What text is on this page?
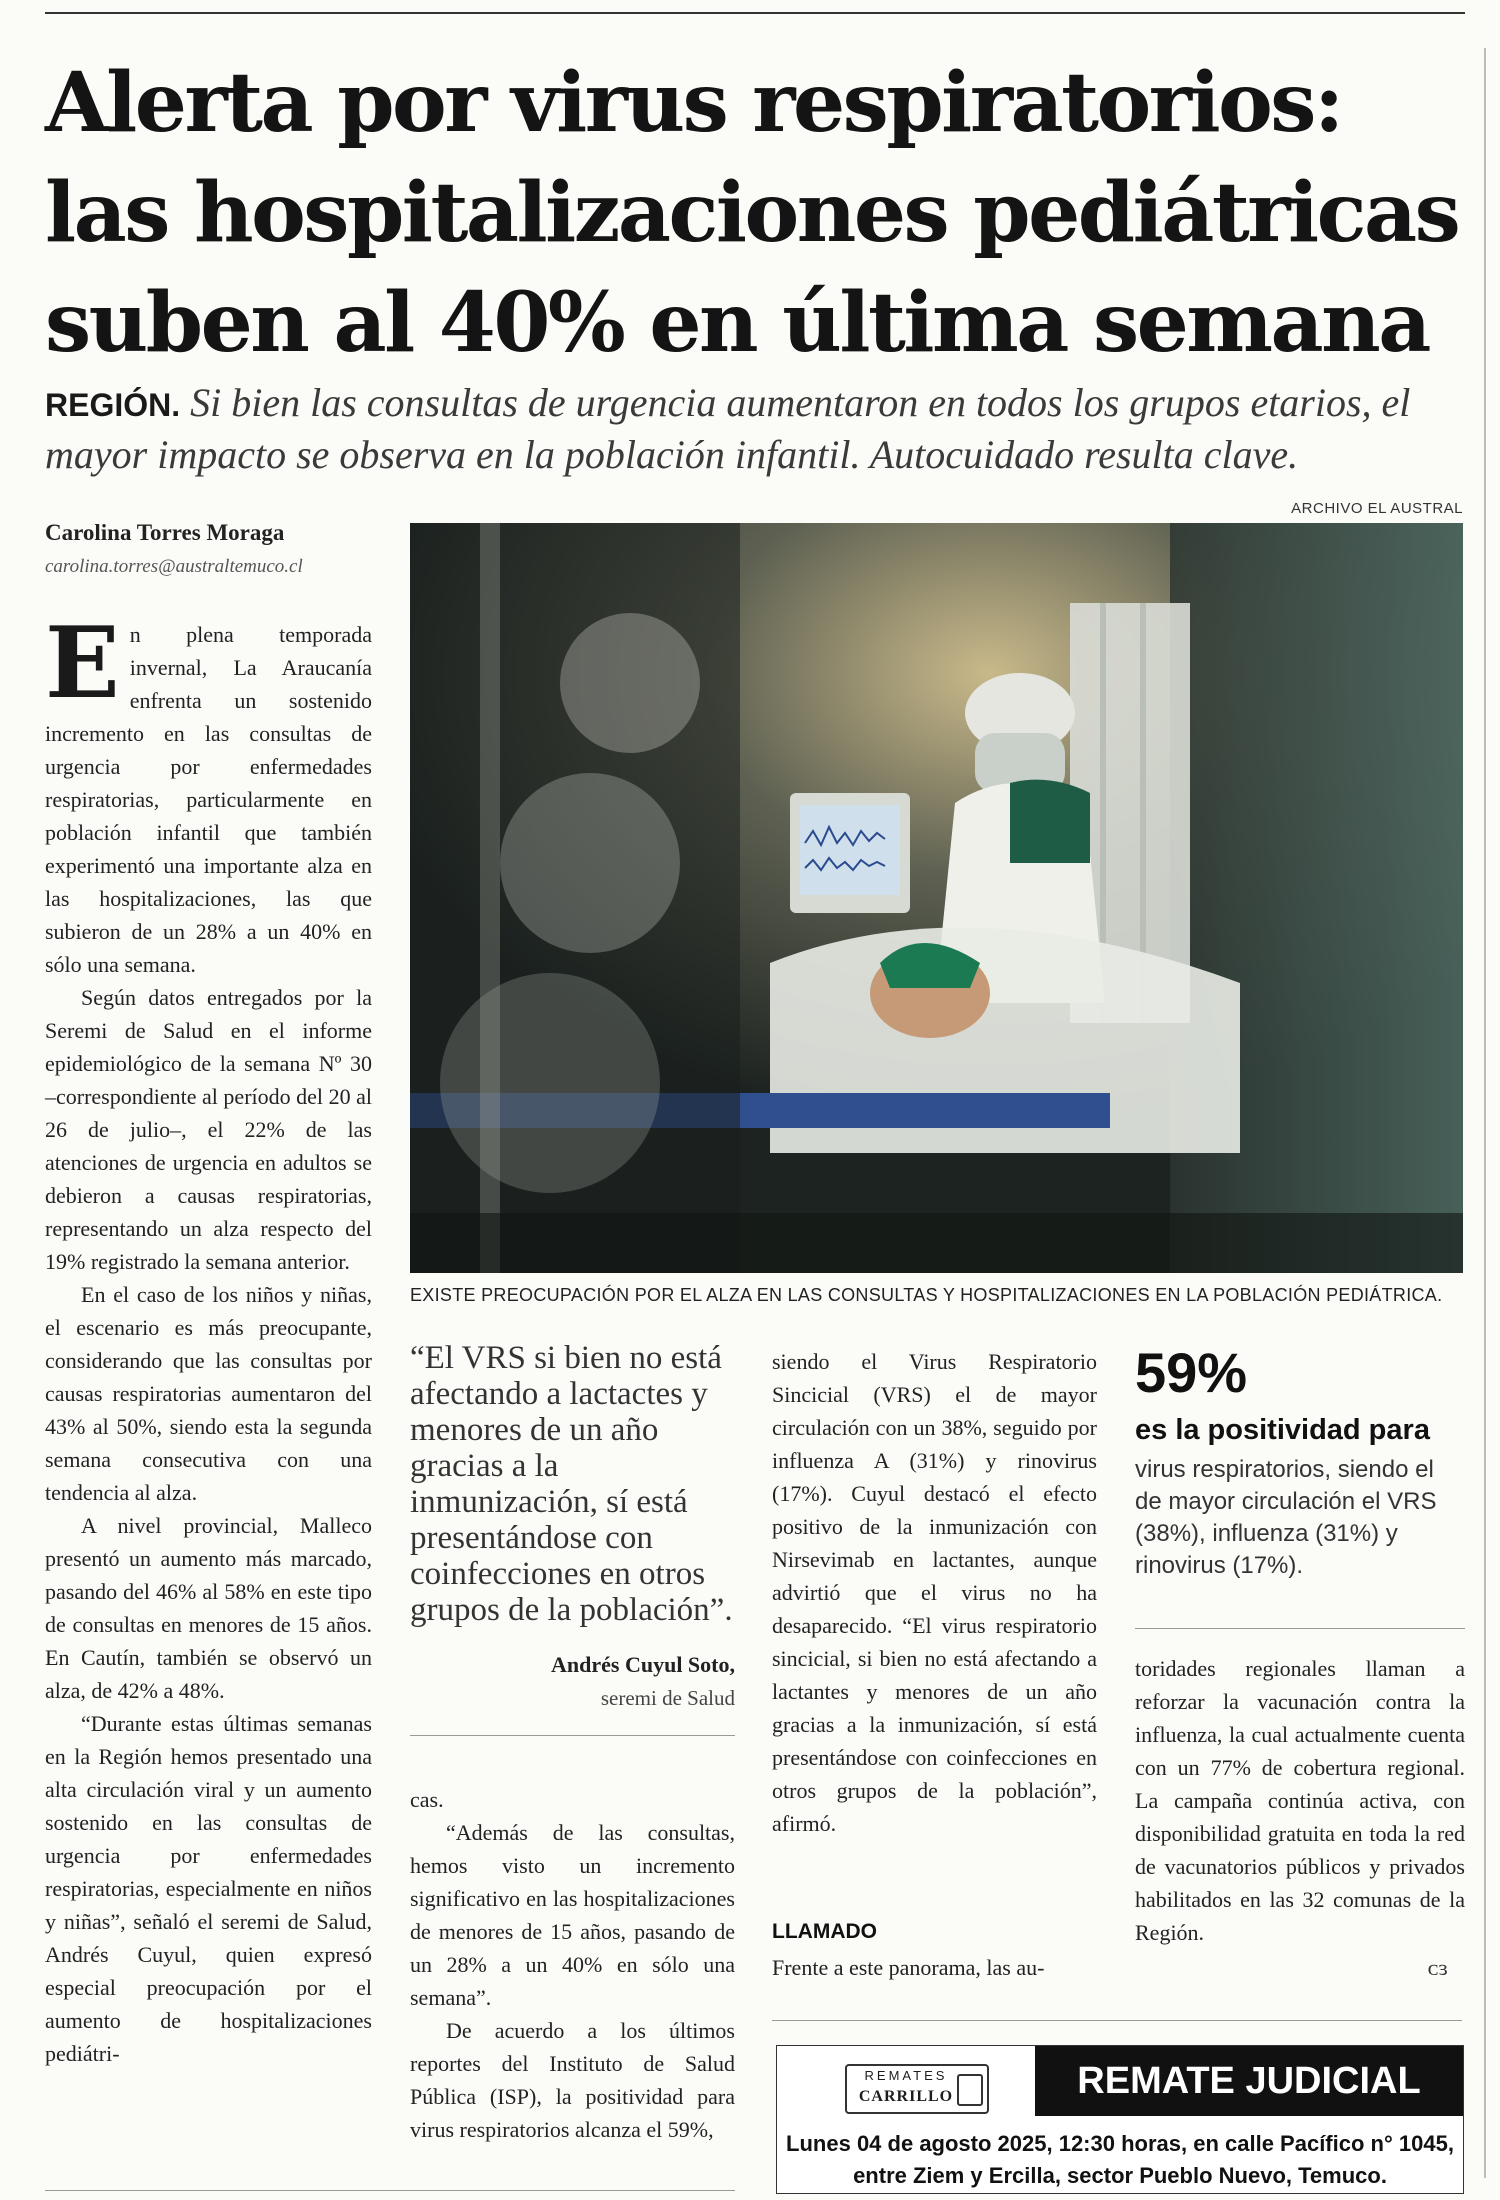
Alerta por virus respiratorios:
las hospitalizaciones pediátricas
suben al 40% en última semana
REGIÓN. Si bien las consultas de urgencia aumentaron en todos los grupos etarios, el mayor impacto se observa en la población infantil. Autocuidado resulta clave.
ARCHIVO EL AUSTRAL
Carolina Torres Moraga
carolina.torres@australtemuco.cl
EXISTE PREOCUPACIÓN POR EL ALZA EN LAS CONSULTAS Y HOSPITALIZACIONES EN LA POBLACIÓN PEDIÁTRICA.

E n plena temporada invernal, La Araucanía enfrenta un sostenido incremento en las consultas de urgencia por enfermedades respiratorias, particularmente en población infantil que también experimentó una importante alza en las hospitalizaciones, las que subieron de un 28% a un 40% en sólo una semana.

Según datos entregados por la Seremi de Salud en el informe epidemiológico de la semana Nº 30 –correspondiente al período del 20 al 26 de julio–, el 22% de las atenciones de urgencia en adultos se debieron a causas respiratorias, representando un alza respecto del 19% registrado la semana anterior.

En el caso de los niños y niñas, el escenario es más preocupante, considerando que las consultas por causas respiratorias aumentaron del 43% al 50%, siendo esta la segunda semana consecutiva con una tendencia al alza.

A nivel provincial, Malleco presentó un aumento más marcado, pasando del 46% al 58% en este tipo de consultas en menores de 15 años. En Cautín, también se observó un alza, de 42% a 48%.

“Durante estas últimas semanas en la Región hemos presentado una alta circulación viral y un aumento sostenido en las consultas de urgencia por enfermedades respiratorias, especialmente en niños y niñas”, señaló el seremi de Salud, Andrés Cuyul, quien expresó especial preocupación por el aumento de hospitalizaciones pediátri-

“El VRS si bien no está afectando a lactactes y menores de un año gracias a la inmunización, sí está presentándose con coinfecciones en otros grupos de la población”.
Andrés Cuyul Soto,
seremi de Salud

cas.

“Además de las consultas, hemos visto un incremento significativo en las hospitalizaciones de menores de 15 años, pasando de un 28% a un 40% en sólo una semana”.

De acuerdo a los últimos reportes del Instituto de Salud Pública (ISP), la positividad para virus respiratorios alcanza el 59%,

siendo el Virus Respiratorio Sincicial (VRS) el de mayor circulación con un 38%, seguido por influenza A (31%) y rinovirus (17%). Cuyul destacó el efecto positivo de la inmunización con Nirsevimab en lactantes, aunque advirtió que el virus no ha desaparecido. “El virus respiratorio sincicial, si bien no está afectando a lactantes y menores de un año gracias a la inmunización, sí está presentándose con coinfecciones en otros grupos de la población”, afirmó.

LLAMADO

Frente a este panorama, las au-

59%
es la positividad para
virus respiratorios, siendo el de mayor circulación el VRS (38%), influenza (31%) y rinovirus (17%).

toridades regionales llaman a reforzar la vacunación contra la influenza, la cual actualmente cuenta con un 77% de cobertura regional. La campaña continúa activa, con disponibilidad gratuita en toda la red de vacunatorios públicos y privados habilitados en las 32 comunas de la Región.

ᴄɜ
REMATES
CARRILLO	REMATE JUDICIAL
Lunes 04 de agosto 2025, 12:30 horas, en calle Pacífico n° 1045,
entre Ziem y Ercilla, sector Pueblo Nuevo, Temuco.
